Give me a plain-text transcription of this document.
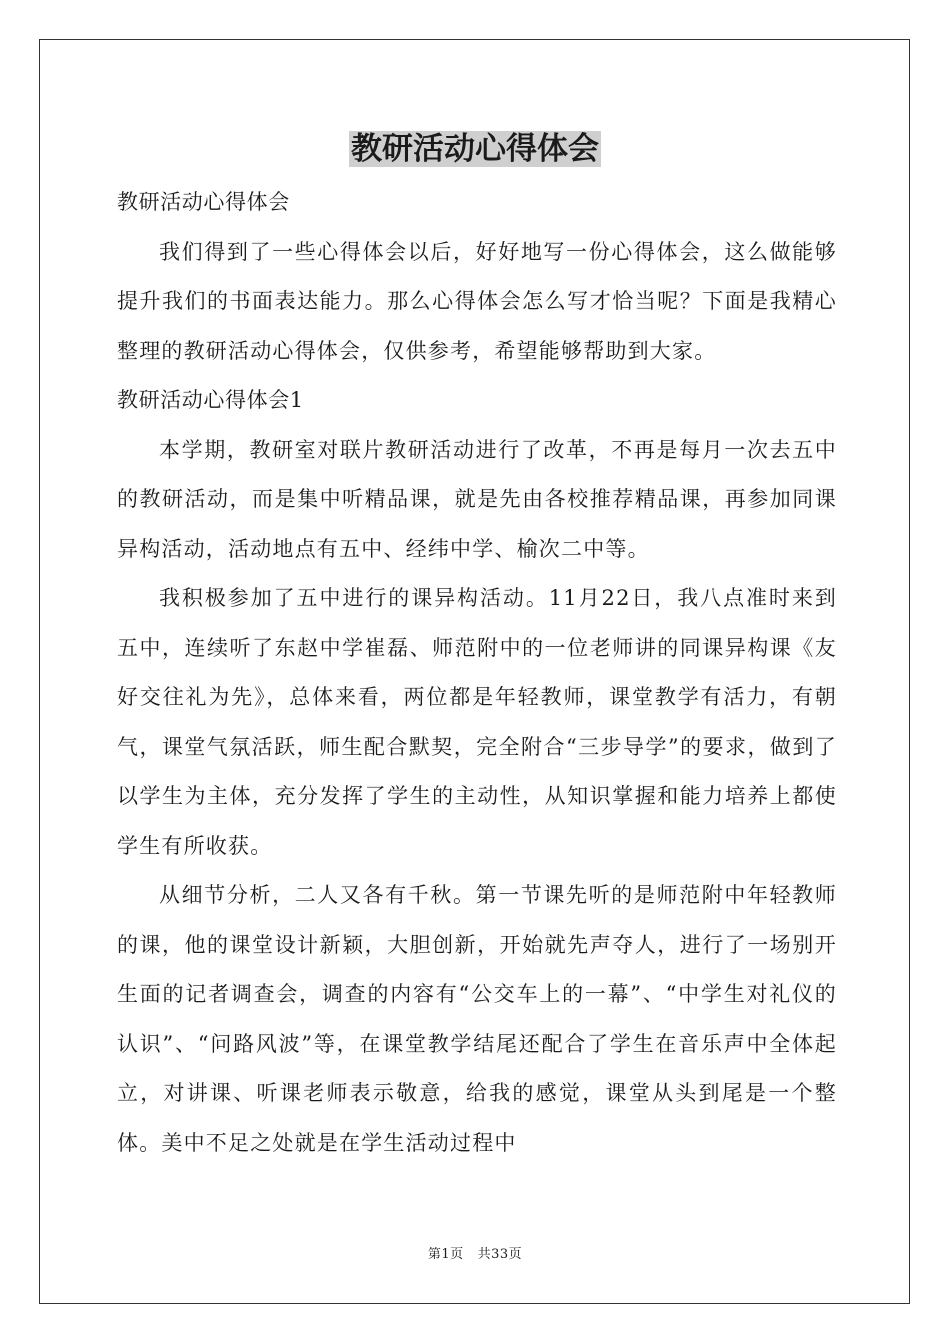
教研活动心得体会

教研活动心得体会

我们得到了一些心得体会以后，好好地写一份心得体会，这么做能够提升我们的书面表达能力。那么心得体会怎么写才恰当呢？下面是我精心整理的教研活动心得体会，仅供参考，希望能够帮助到大家。

教研活动心得体会1

本学期，教研室对联片教研活动进行了改革，不再是每月一次去五中的教研活动，而是集中听精品课，就是先由各校推荐精品课，再参加同课异构活动，活动地点有五中、经纬中学、榆次二中等。

我积极参加了五中进行的课异构活动。11月22日，我八点准时来到五中，连续听了东赵中学崔磊、师范附中的一位老师讲的同课异构课《友好交往礼为先》，总体来看，两位都是年轻教师，课堂教学有活力，有朝气，课堂气氛活跃，师生配合默契，完全附合“三步导学”的要求，做到了以学生为主体，充分发挥了学生的主动性，从知识掌握和能力培养上都使学生有所收获。

从细节分析，二人又各有千秋。第一节课先听的是师范附中年轻教师的课，他的课堂设计新颖，大胆创新，开始就先声夺人，进行了一场别开生面的记者调查会，调查的内容有“公交车上的一幕”、“中学生对礼仪的认识”、“问路风波”等，在课堂教学结尾还配合了学生在音乐声中全体起立，对讲课、听课老师表示敬意，给我的感觉，课堂从头到尾是一个整体。美中不足之处就是在学生活动过程中

第1页 共33页
